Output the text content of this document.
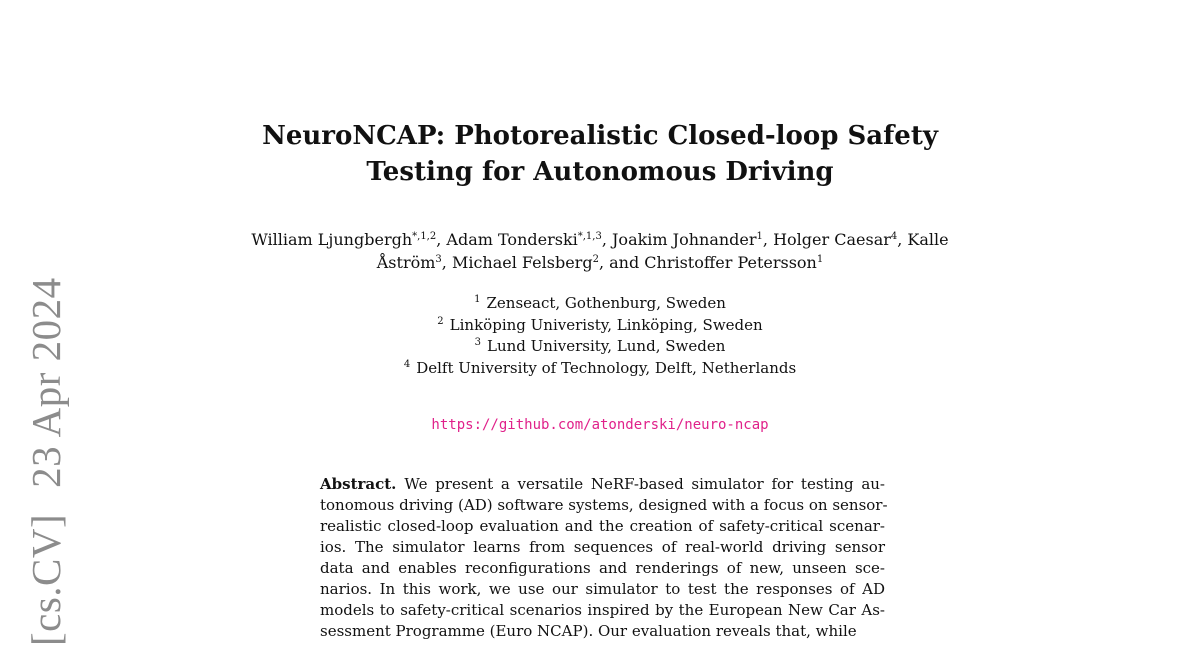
[cs.CV]23 Apr 2024
NeuroNCAP: Photorealistic Closed-loop Safety
Testing for Autonomous Driving
William Ljungbergh$^{*,1,2}$, Adam Tonderski$^{*,1,3}$, Joakim Johnander$^1$, Holger Caesar$^4$, Kalle Åström$^3$, Michael Felsberg$^2$, and Christoffer Petersson$^1$
$^1$ Zenseact, Gothenburg, Sweden
$^2$ Linköping Univeristy, Linköping, Sweden
$^3$ Lund University, Lund, Sweden
$^4$ Delft University of Technology, Delft, Netherlands
https://github.com/atonderski/neuro-ncap
Abstract. We present a versatile NeRF-based simulator for testing au-
tonomous driving (AD) software systems, designed with a focus on sensor-
realistic closed-loop evaluation and the creation of safety-critical scenar-
ios. The simulator learns from sequences of real-world driving sensor
data and enables reconfigurations and renderings of new, unseen sce-
narios. In this work, we use our simulator to test the responses of AD
models to safety-critical scenarios inspired by the European New Car As-
sessment Programme (Euro NCAP). Our evaluation reveals that, while
